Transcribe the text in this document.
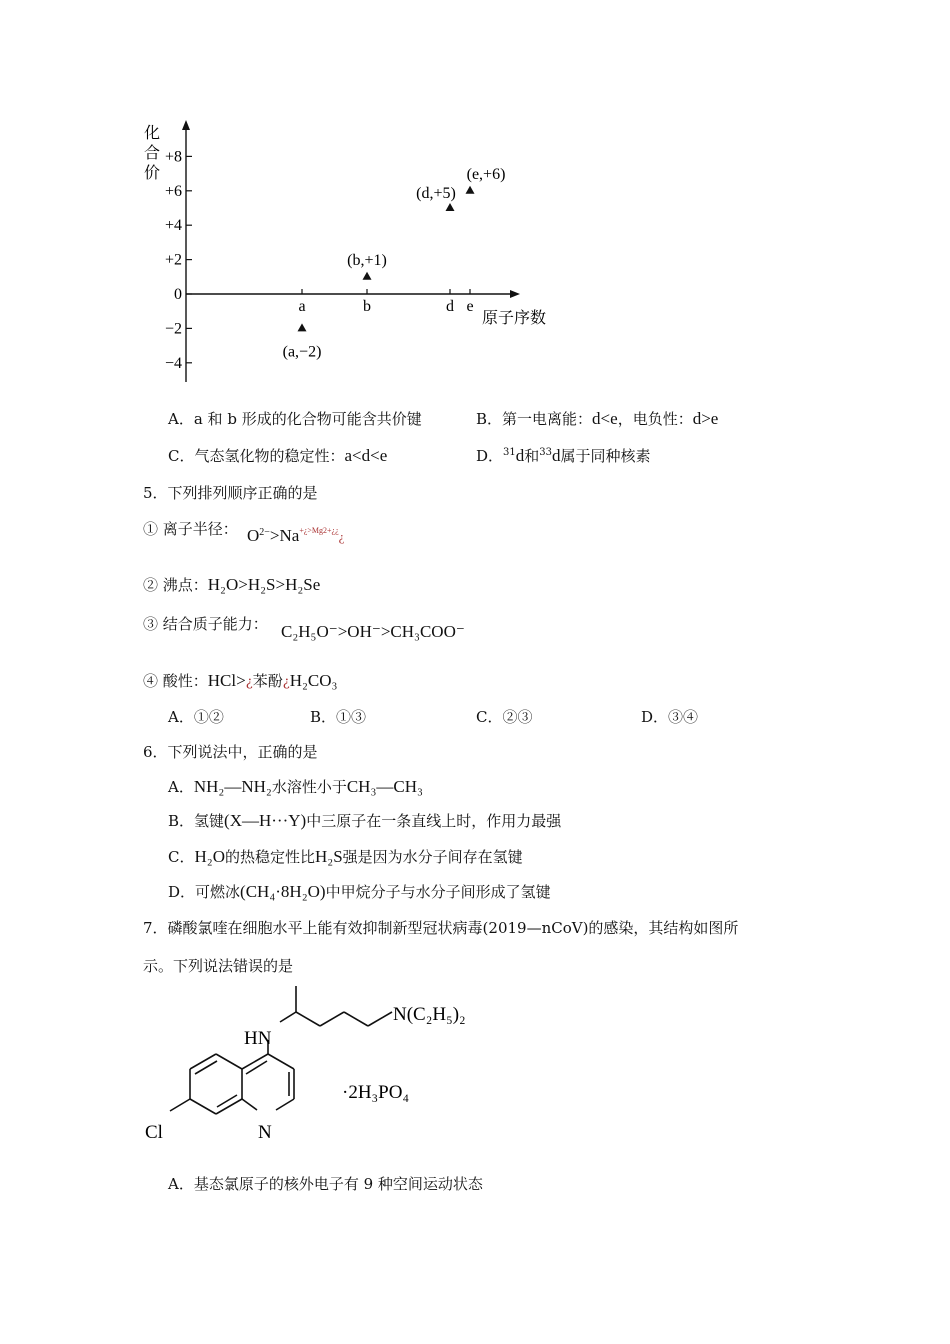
化合价
原子序数
+8
+6
+4
+2
0
−2
−4
a	b	d e
(a,−2)
(b,+1)
(d,+5)
(e,+6)
A．a 和 b 形成的化合物可能含共价键	B．第一电离能：d<e，电负性：d>e
C．气态氢化物的稳定性：a<d<e	D．$^{31}$d和$^{33}$d属于同种核素
5．下列排列顺序正确的是
① 离子半径： $O^{2-}>Na^{+¿>Mg2+¿¿}¿$
② 沸点：H₂O>H₂S>H₂Se
③ 结合质子能力： C₂H₅O⁻>OH⁻>CH₃COO⁻
④ 酸性：HCl>¿苯酚¿H₂CO₃
A．①②	B．①③	C．②③	D．③④
6．下列说法中，正确的是
A．NH₂—NH₂水溶性小于CH₃—CH₃
B．氢键(X—H···Y)中三原子在一条直线上时，作用力最强
C．H₂O的热稳定性比H₂S强是因为水分子间存在氢键
D．可燃冰(CH₄·8H₂O)中甲烷分子与水分子间形成了氢键
7．磷酸氯喹在细胞水平上能有效抑制新型冠状病毒(2019—nCoV)的感染，其结构如图所
示。下列说法错误的是
HN
N(C₂H₅)₂
·2H₃PO₄
Cl	N
A．基态氯原子的核外电子有 9 种空间运动状态
